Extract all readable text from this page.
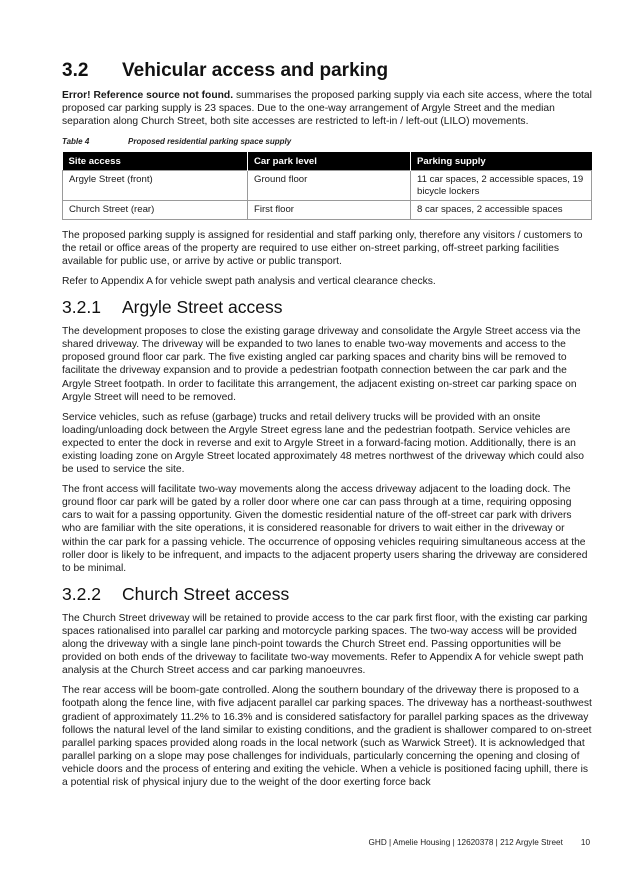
3.2	Vehicular access and parking

Error! Reference source not found. summarises the proposed parking supply via each site access, where the total proposed car parking supply is 23 spaces. Due to the one-way arrangement of Argyle Street and the median separation along Church Street, both site accesses are restricted to left-in / left-out (LILO) movements.

Table 4	Proposed residential parking space supply
Site access	Car park level	Parking supply
Argyle Street (front)	Ground floor	11 car spaces, 2 accessible spaces, 19 bicycle lockers
Church Street (rear)	First floor	8 car spaces, 2 accessible spaces

The proposed parking supply is assigned for residential and staff parking only, therefore any visitors / customers to the retail or office areas of the property are required to use either on-street parking, off-street parking facilities available for public use, or arrive by active or public transport.

Refer to Appendix A for vehicle swept path analysis and vertical clearance checks.

3.2.1	Argyle Street access

The development proposes to close the existing garage driveway and consolidate the Argyle Street access via the shared driveway. The driveway will be expanded to two lanes to enable two-way movements and access to the proposed ground floor car park. The five existing angled car parking spaces and charity bins will be removed to facilitate the driveway expansion and to provide a pedestrian footpath connection between the car park and the Argyle Street footpath. In order to facilitate this arrangement, the adjacent existing on-street car parking space on Argyle Street will need to be removed.

Service vehicles, such as refuse (garbage) trucks and retail delivery trucks will be provided with an onsite loading/unloading dock between the Argyle Street egress lane and the pedestrian footpath. Service vehicles are expected to enter the dock in reverse and exit to Argyle Street in a forward-facing motion. Additionally, there is an existing loading zone on Argyle Street located approximately 48 metres northwest of the driveway which could also be used to service the site.

The front access will facilitate two-way movements along the access driveway adjacent to the loading dock. The ground floor car park will be gated by a roller door where one car can pass through at a time, requiring opposing cars to wait for a passing opportunity. Given the domestic residential nature of the off-street car park with drivers who are familiar with the site operations, it is considered reasonable for drivers to wait either in the driveway or within the car park for a passing vehicle. The occurrence of opposing vehicles requiring simultaneous access at the roller door is likely to be infrequent, and impacts to the adjacent property users sharing the driveway are considered to be minimal.

3.2.2	Church Street access

The Church Street driveway will be retained to provide access to the car park first floor, with the existing car parking spaces rationalised into parallel car parking and motorcycle parking spaces. The two-way access will be provided along the driveway with a single lane pinch-point towards the Church Street end. Passing opportunities will be provided on both ends of the driveway to facilitate two-way movements. Refer to Appendix A for vehicle swept path analysis at the Church Street access and car parking manoeuvres.

The rear access will be boom-gate controlled. Along the southern boundary of the driveway there is proposed to a footpath along the fence line, with five adjacent parallel car parking spaces. The driveway has a northeast-southwest gradient of approximately 11.2% to 16.3% and is considered satisfactory for parallel parking spaces as the driveway follows the natural level of the land similar to existing conditions, and the gradient is shallower compared to on-street parallel parking spaces provided along roads in the local network (such as Warwick Street). It is acknowledged that parallel parking on a slope may pose challenges for individuals, particularly concerning the opening and closing of vehicle doors and the process of entering and exiting the vehicle. When a vehicle is positioned facing uphill, there is a potential risk of physical injury due to the weight of the door exerting force back

GHD | Amelie Housing | 12620378 | 212 Argyle Street 10
